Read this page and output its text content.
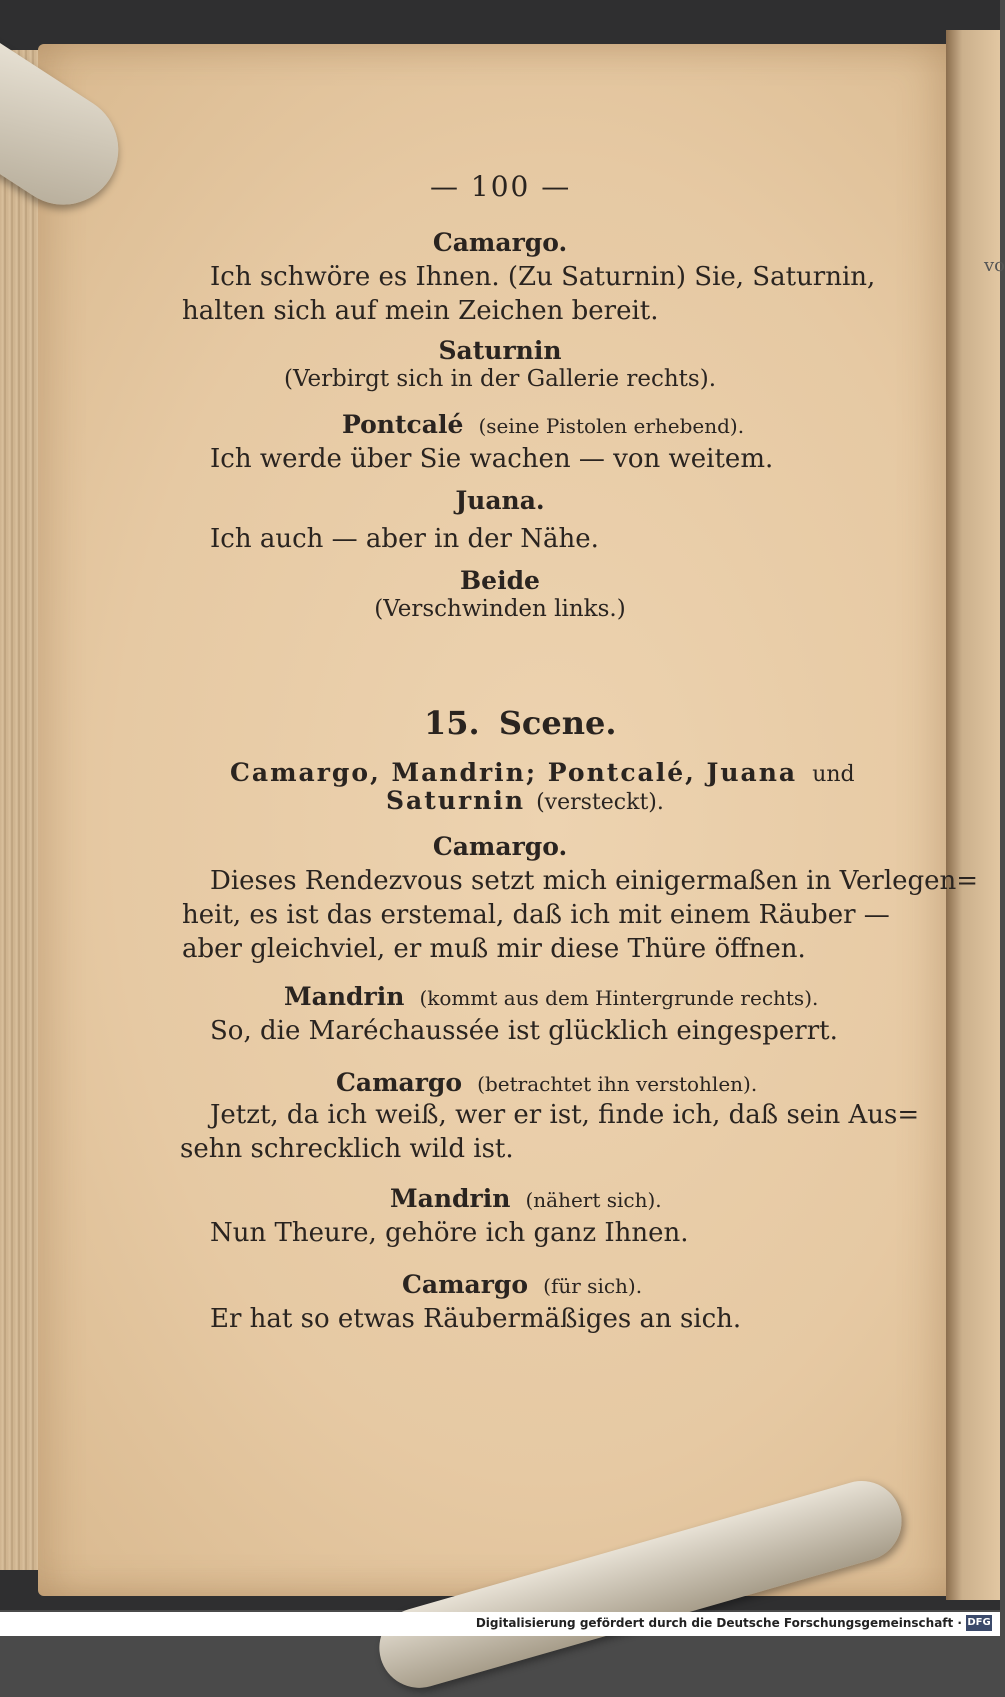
vo
— 100 —
Camargo.
Ich schwöre es Ihnen. (Zu Saturnin) Sie, Saturnin,
halten sich auf mein Zeichen bereit.
Saturnin
(Verbirgt sich in der Gallerie rechts).
Pontcalé (seine Pistolen erhebend).
Ich werde über Sie wachen — von weitem.
Juana.
Ich auch — aber in der Nähe.
Beide
(Verschwinden links.)
15. Scene.
Camargo, Mandrin; Pontcalé, Juana und
Saturnin (versteckt).
Camargo.
Dieses Rendezvous setzt mich einigermaßen in Verlegen=
heit, es ist das erstemal, daß ich mit einem Räuber —
aber gleichviel, er muß mir diese Thüre öffnen.
Mandrin (kommt aus dem Hintergrunde rechts).
So, die Maréchaussée ist glücklich eingesperrt.
Camargo (betrachtet ihn verstohlen).
Jetzt, da ich weiß, wer er ist, finde ich, daß sein Aus=
sehn schrecklich wild ist.
Mandrin (nähert sich).
Nun Theure, gehöre ich ganz Ihnen.
Camargo (für sich).
Er hat so etwas Räubermäßiges an sich.
Digitalisierung gefördert durch die Deutsche Forschungsgemeinschaft · DFG
